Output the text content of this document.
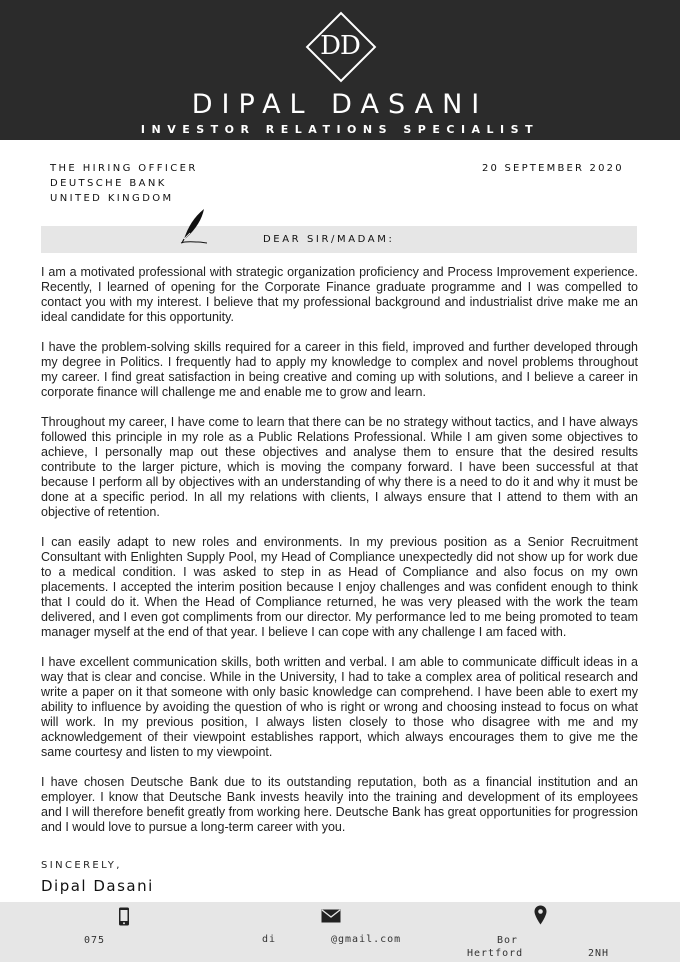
DD
DIPAL DASANI
INVESTOR RELATIONS SPECIALIST
THE HIRING OFFICER
DEUTSCHE BANK
UNITED KINGDOM
20 SEPTEMBER 2020
DEAR SIR/MADAM:

I am a motivated professional with strategic organization proficiency and Process Improvement experience. Recently, I learned of opening for the Corporate Finance graduate programme and I was compelled to contact you with my interest. I believe that my professional background and industrialist drive make me an ideal candidate for this opportunity.

I have the problem-solving skills required for a career in this field, improved and further developed through my degree in Politics. I frequently had to apply my knowledge to complex and novel problems throughout my career. I find great satisfaction in being creative and coming up with solutions, and I believe a career in corporate finance will challenge me and enable me to grow and learn.

Throughout my career, I have come to learn that there can be no strategy without tactics, and I have always followed this principle in my role as a Public Relations Professional. While I am given some objectives to achieve, I personally map out these objectives and analyse them to ensure that the desired results contribute to the larger picture, which is moving the company forward. I have been successful at that because I perform all by objectives with an understanding of why there is a need to do it and why it must be done at a specific period. In all my relations with clients, I always ensure that I attend to them with an objective of retention.

I can easily adapt to new roles and environments. In my previous position as a Senior Recruitment Consultant with Enlighten Supply Pool, my Head of Compliance unexpectedly did not show up for work due to a medical condition. I was asked to step in as Head of Compliance and also focus on my own placements. I accepted the interim position because I enjoy challenges and was confident enough to think that I could do it. When the Head of Compliance returned, he was very pleased with the work the team delivered, and I even got compliments from our director. My performance led to me being promoted to team manager myself at the end of that year. I believe I can cope with any challenge I am faced with.

I have excellent communication skills, both written and verbal. I am able to communicate difficult ideas in a way that is clear and concise. While in the University, I had to take a complex area of political research and write a paper on it that someone with only basic knowledge can comprehend. I have been able to exert my ability to influence by avoiding the question of who is right or wrong and choosing instead to focus on what will work. In my previous position, I always listen closely to those who disagree with me and my acknowledgement of their viewpoint establishes rapport, which always encourages them to give me the same courtesy and listen to my viewpoint.

I have chosen Deutsche Bank due to its outstanding reputation, both as a financial institution and an employer. I know that Deutsche Bank invests heavily into the training and development of its employees and I will therefore benefit greatly from working here. Deutsche Bank has great opportunities for progression and I would love to pursue a long-term career with you.

SINCERELY,
Dipal Dasani
075	di	@gmail.com	Bor
Hertford	2NH
